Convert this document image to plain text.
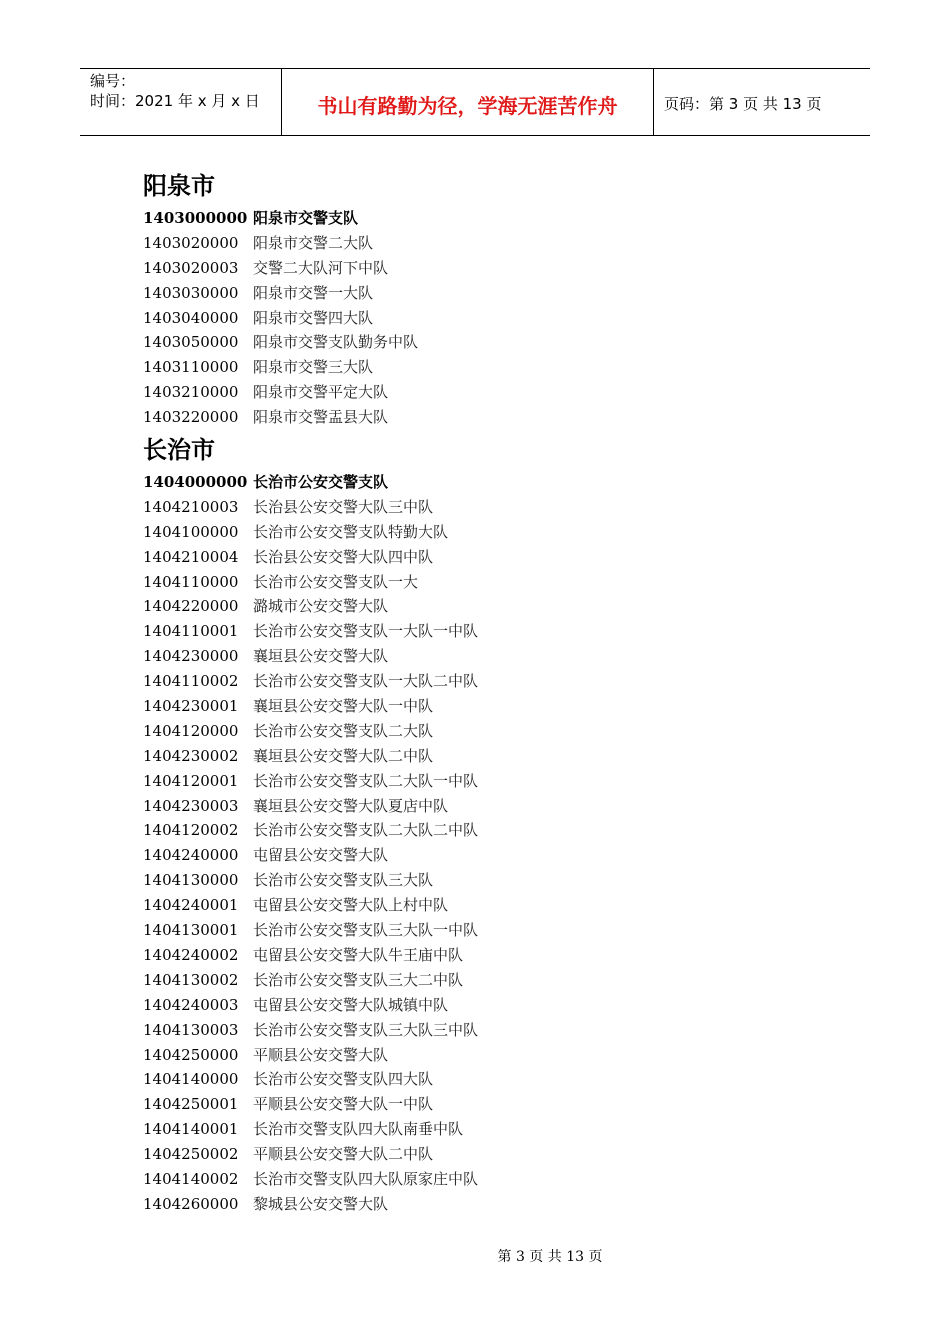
编号：
时间：2021 年 x 月 x 日	书山有路勤为径，学海无涯苦作舟	页码：第 3 页 共 13 页
阳泉市
1403000000 阳泉市交警支队
1403020000 阳泉市交警二大队
1403020003 交警二大队河下中队
1403030000 阳泉市交警一大队
1403040000 阳泉市交警四大队
1403050000 阳泉市交警支队勤务中队
1403110000 阳泉市交警三大队
1403210000 阳泉市交警平定大队
1403220000 阳泉市交警盂县大队
长治市
1404000000 长治市公安交警支队
1404210003 长治县公安交警大队三中队
1404100000 长治市公安交警支队特勤大队
1404210004 长治县公安交警大队四中队
1404110000 长治市公安交警支队一大
1404220000 潞城市公安交警大队
1404110001 长治市公安交警支队一大队一中队
1404230000 襄垣县公安交警大队
1404110002 长治市公安交警支队一大队二中队
1404230001 襄垣县公安交警大队一中队
1404120000 长治市公安交警支队二大队
1404230002 襄垣县公安交警大队二中队
1404120001 长治市公安交警支队二大队一中队
1404230003 襄垣县公安交警大队夏店中队
1404120002 长治市公安交警支队二大队二中队
1404240000 屯留县公安交警大队
1404130000 长治市公安交警支队三大队
1404240001 屯留县公安交警大队上村中队
1404130001 长治市公安交警支队三大队一中队
1404240002 屯留县公安交警大队牛王庙中队
1404130002 长治市公安交警支队三大二中队
1404240003 屯留县公安交警大队城镇中队
1404130003 长治市公安交警支队三大队三中队
1404250000 平顺县公安交警大队
1404140000 长治市公安交警支队四大队
1404250001 平顺县公安交警大队一中队
1404140001 长治市交警支队四大队南垂中队
1404250002 平顺县公安交警大队二中队
1404140002 长治市交警支队四大队原家庄中队
1404260000 黎城县公安交警大队
第 3 页 共 13 页
